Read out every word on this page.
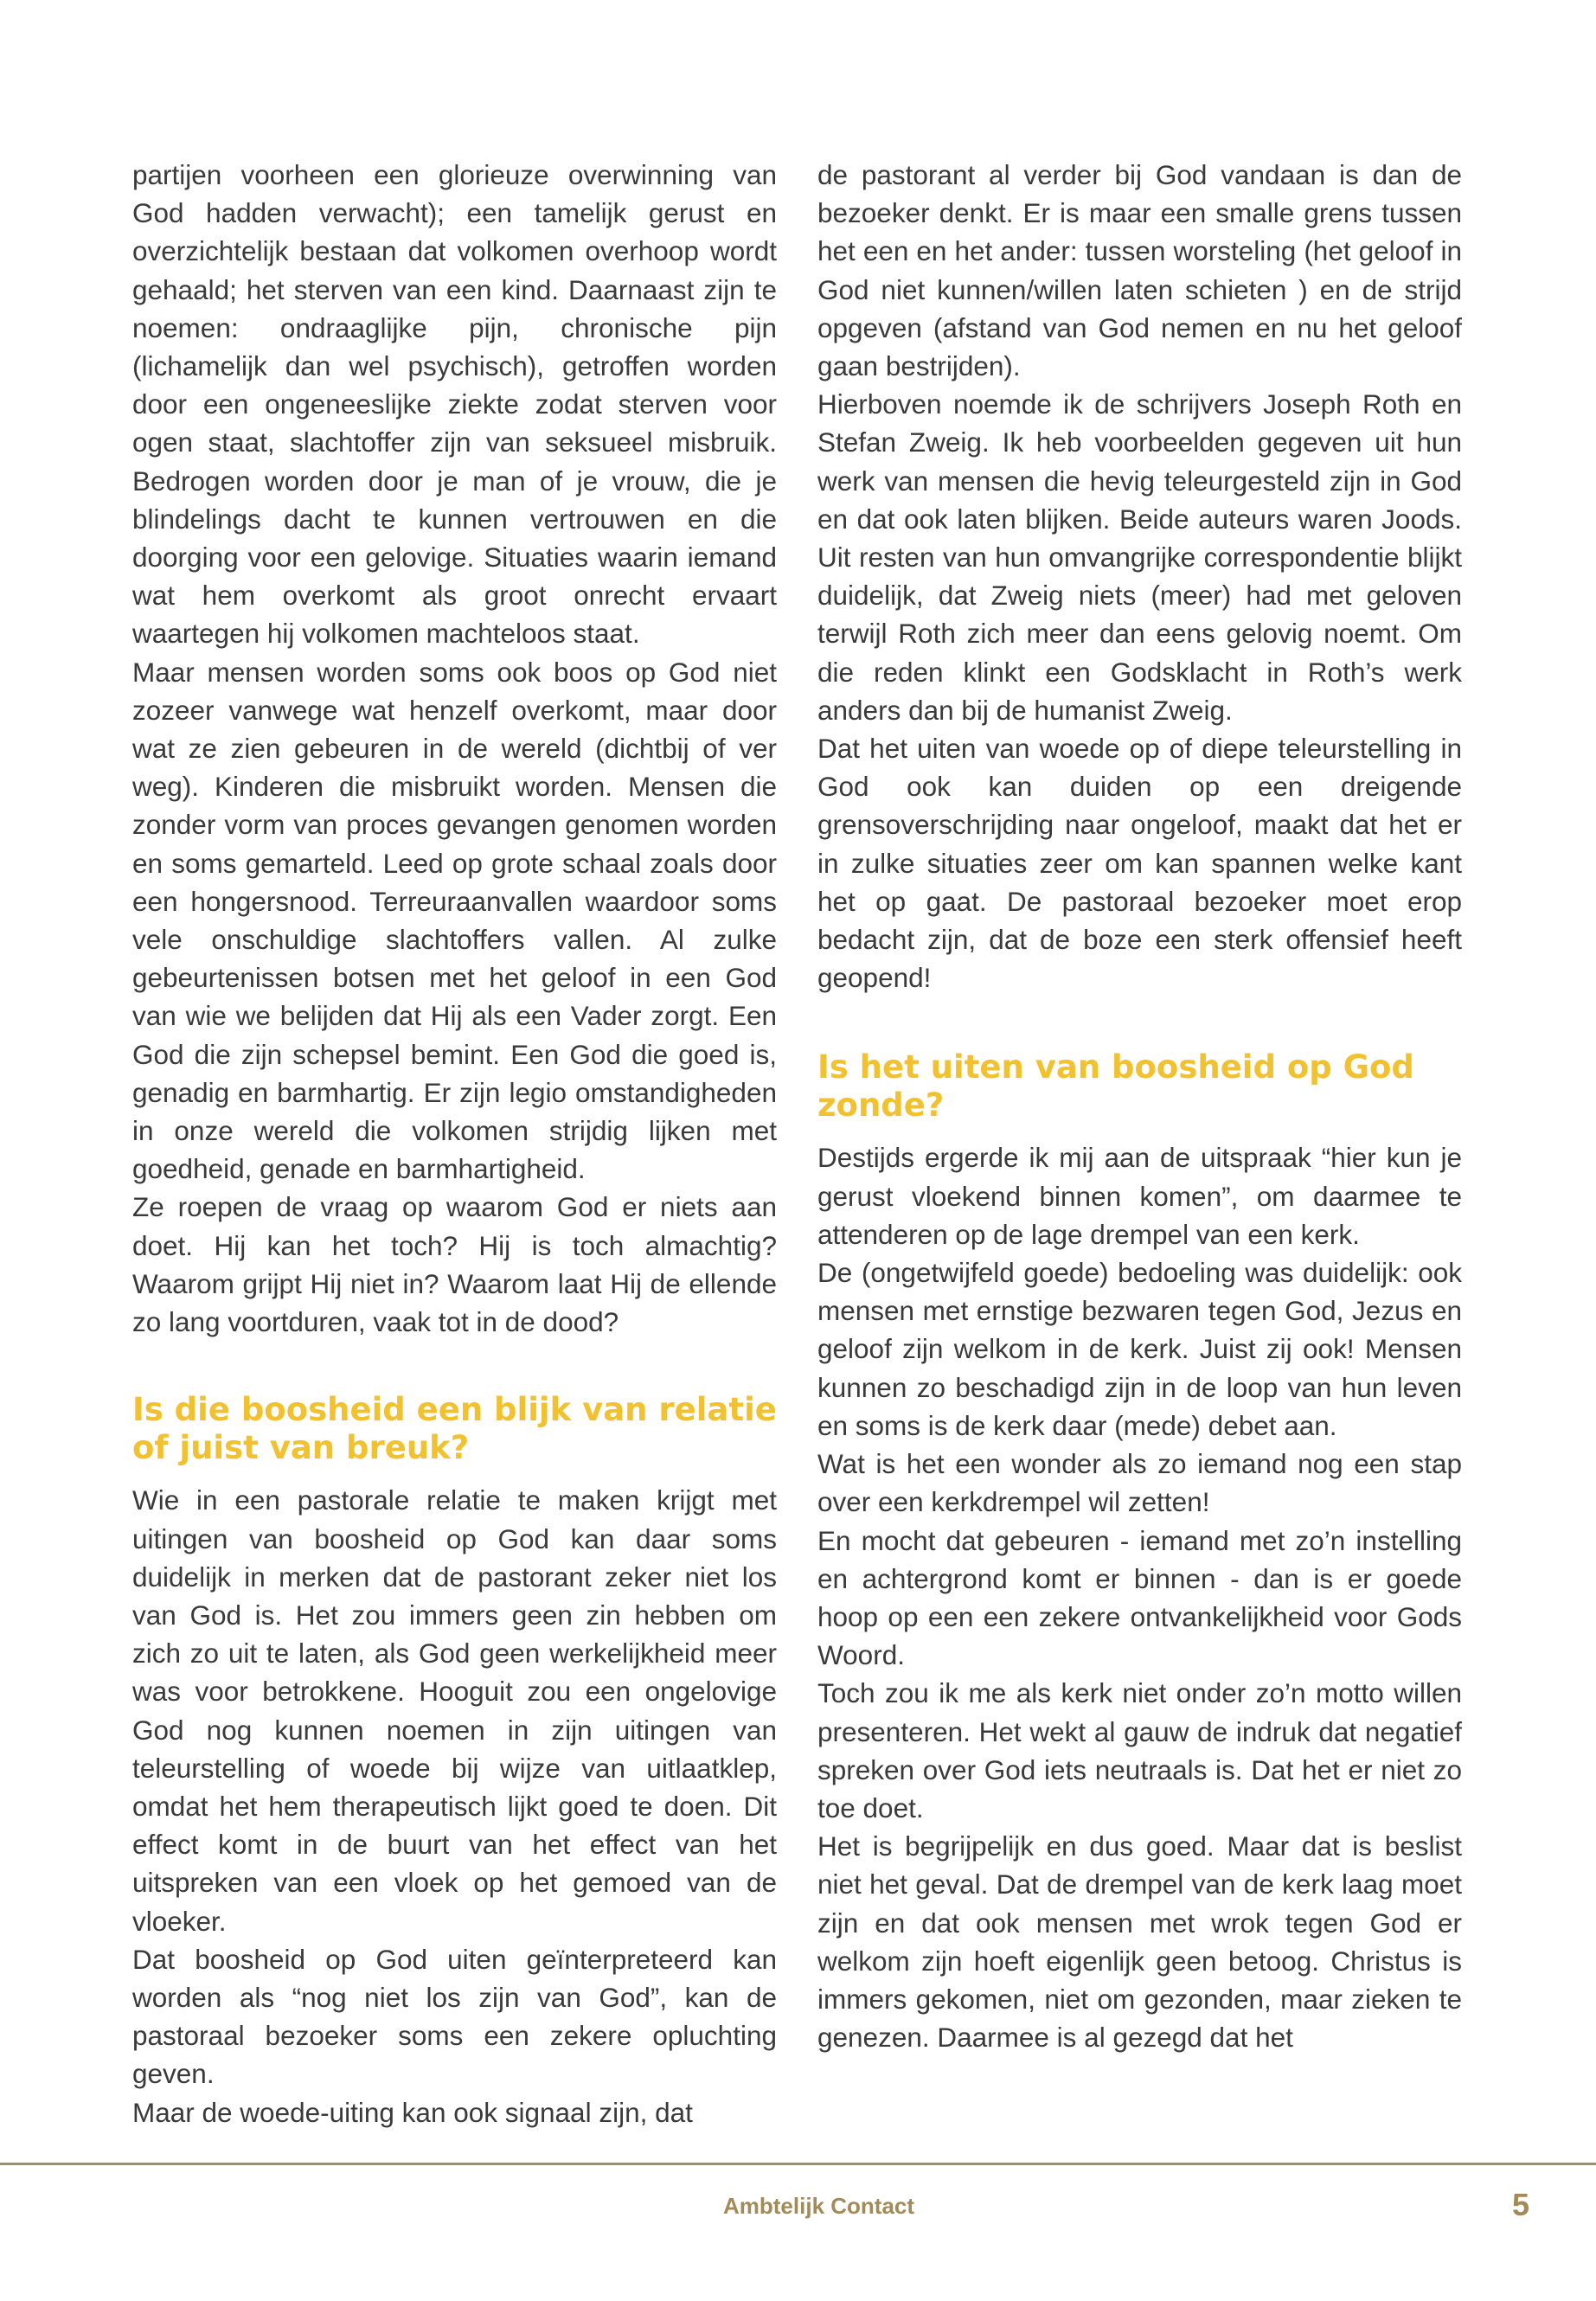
partijen voorheen een glorieuze overwinning van God hadden verwacht); een tamelijk gerust en overzichtelijk bestaan dat volkomen overhoop wordt gehaald; het sterven van een kind. Daarnaast zijn te noemen: ondraaglijke pijn, chronische pijn (lichamelijk dan wel psychisch), getroffen worden door een ongeneeslijke ziekte zodat sterven voor ogen staat, slachtoffer zijn van seksueel misbruik. Bedrogen worden door je man of je vrouw, die je blindelings dacht te kunnen vertrouwen en die doorging voor een gelovige. Situaties waarin iemand wat hem overkomt als groot onrecht ervaart waartegen hij volkomen machteloos staat.

Maar mensen worden soms ook boos op God niet zozeer vanwege wat henzelf overkomt, maar door wat ze zien gebeuren in de wereld (dichtbij of ver weg). Kinderen die misbruikt worden. Mensen die zonder vorm van proces gevangen genomen worden en soms gemarteld. Leed op grote schaal zoals door een hongersnood. Terreuraanvallen waardoor soms vele onschuldige slachtoffers vallen. Al zulke gebeurtenissen botsen met het geloof in een God van wie we belijden dat Hij als een Vader zorgt. Een God die zijn schepsel bemint. Een God die goed is, genadig en barmhartig. Er zijn legio omstandigheden in onze wereld die volkomen strijdig lijken met goedheid, genade en barmhartigheid.

Ze roepen de vraag op waarom God er niets aan doet. Hij kan het toch? Hij is toch almachtig? Waarom grijpt Hij niet in? Waarom laat Hij de ellende zo lang voortduren, vaak tot in de dood?

Is die boosheid een blijk van relatie of juist van breuk?

Wie in een pastorale relatie te maken krijgt met uitingen van boosheid op God kan daar soms duidelijk in merken dat de pastorant zeker niet los van God is. Het zou immers geen zin hebben om zich zo uit te laten, als God geen werkelijkheid meer was voor betrokkene. Hooguit zou een ongelovige God nog kunnen noemen in zijn uitingen van teleurstelling of woede bij wijze van uitlaatklep, omdat het hem therapeutisch lijkt goed te doen. Dit effect komt in de buurt van het effect van het uitspreken van een vloek op het gemoed van de vloeker.

Dat boosheid op God uiten geïnterpreteerd kan worden als “nog niet los zijn van God”, kan de pastoraal bezoeker soms een zekere opluchting geven.

Maar de woede-uiting kan ook signaal zijn, dat

de pastorant al verder bij God vandaan is dan de bezoeker denkt. Er is maar een smalle grens tussen het een en het ander: tussen worsteling (het geloof in God niet kunnen/willen laten schieten ) en de strijd opgeven (afstand van God nemen en nu het geloof gaan bestrijden).

Hierboven noemde ik de schrijvers Joseph Roth en Stefan Zweig. Ik heb voorbeelden gegeven uit hun werk van mensen die hevig teleurgesteld zijn in God en dat ook laten blijken. Beide auteurs waren Joods. Uit resten van hun omvangrijke correspondentie blijkt duidelijk, dat Zweig niets (meer) had met geloven terwijl Roth zich meer dan eens gelovig noemt. Om die reden klinkt een Godsklacht in Roth’s werk anders dan bij de humanist Zweig.

Dat het uiten van woede op of diepe teleurstelling in God ook kan duiden op een dreigende grensoverschrijding naar ongeloof, maakt dat het er in zulke situaties zeer om kan spannen welke kant het op gaat. De pastoraal bezoeker moet erop bedacht zijn, dat de boze een sterk offensief heeft geopend!

Is het uiten van boosheid op God zonde?

Destijds ergerde ik mij aan de uitspraak “hier kun je gerust vloekend binnen komen”, om daarmee te attenderen op de lage drempel van een kerk.

De (ongetwijfeld goede) bedoeling was duidelijk: ook mensen met ernstige bezwaren tegen God, Jezus en geloof zijn welkom in de kerk. Juist zij ook! Mensen kunnen zo beschadigd zijn in de loop van hun leven en soms is de kerk daar (mede) debet aan.

Wat is het een wonder als zo iemand nog een stap over een kerkdrempel wil zetten!

En mocht dat gebeuren - iemand met zo’n instelling en achtergrond komt er binnen - dan is er goede hoop op een een zekere ontvankelijkheid voor Gods Woord.

Toch zou ik me als kerk niet onder zo’n motto willen presenteren. Het wekt al gauw de indruk dat negatief spreken over God iets neutraals is. Dat het er niet zo toe doet.

Het is begrijpelijk en dus goed. Maar dat is beslist niet het geval. Dat de drempel van de kerk laag moet zijn en dat ook mensen met wrok tegen God er welkom zijn hoeft eigenlijk geen betoog. Christus is immers gekomen, niet om gezonden, maar zieken te genezen. Daarmee is al gezegd dat het

Ambtelijk Contact	5
